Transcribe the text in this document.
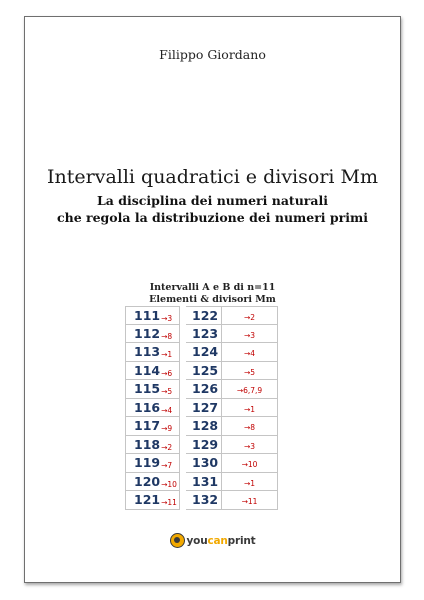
Filippo Giordano
Intervalli quadratici e divisori Mm
La disciplina dei numeri naturali
che regola la distribuzione dei numeri primi
Intervalli A e B di n=11
Elementi & divisori Mm
111 →3
112 →8
113 →1
114 →6
115 →5
116 →4
117 →9
118 →2
119 →7
120 →10
121 →11
122
123
124
125
126
127
128
129
130
131
132
→2
→3
→4
→5
→6,7,9
→1
→8
→3
→10
→1
→11
youcanprint
